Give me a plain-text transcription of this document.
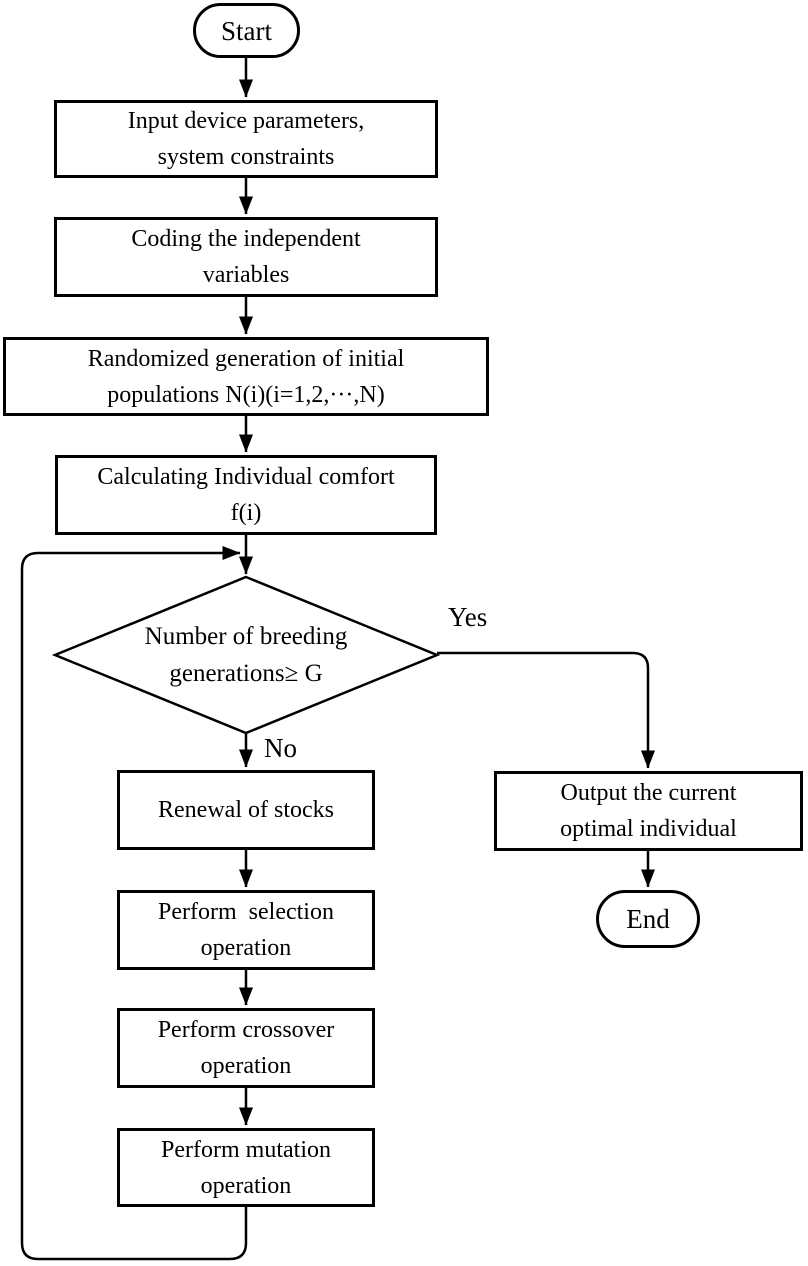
Start
Input device parameters,
system constraints
Coding the independent
variables
Randomized generation of initial
populations N(i)(i=1,2,···,N)
Calculating Individual comfort
f(i)
Number of breeding
generations≥ G
Yes
No
Renewal of stocks
Perform  selection
operation
Perform crossover
operation
Perform mutation
operation
Output the current
optimal individual
End
